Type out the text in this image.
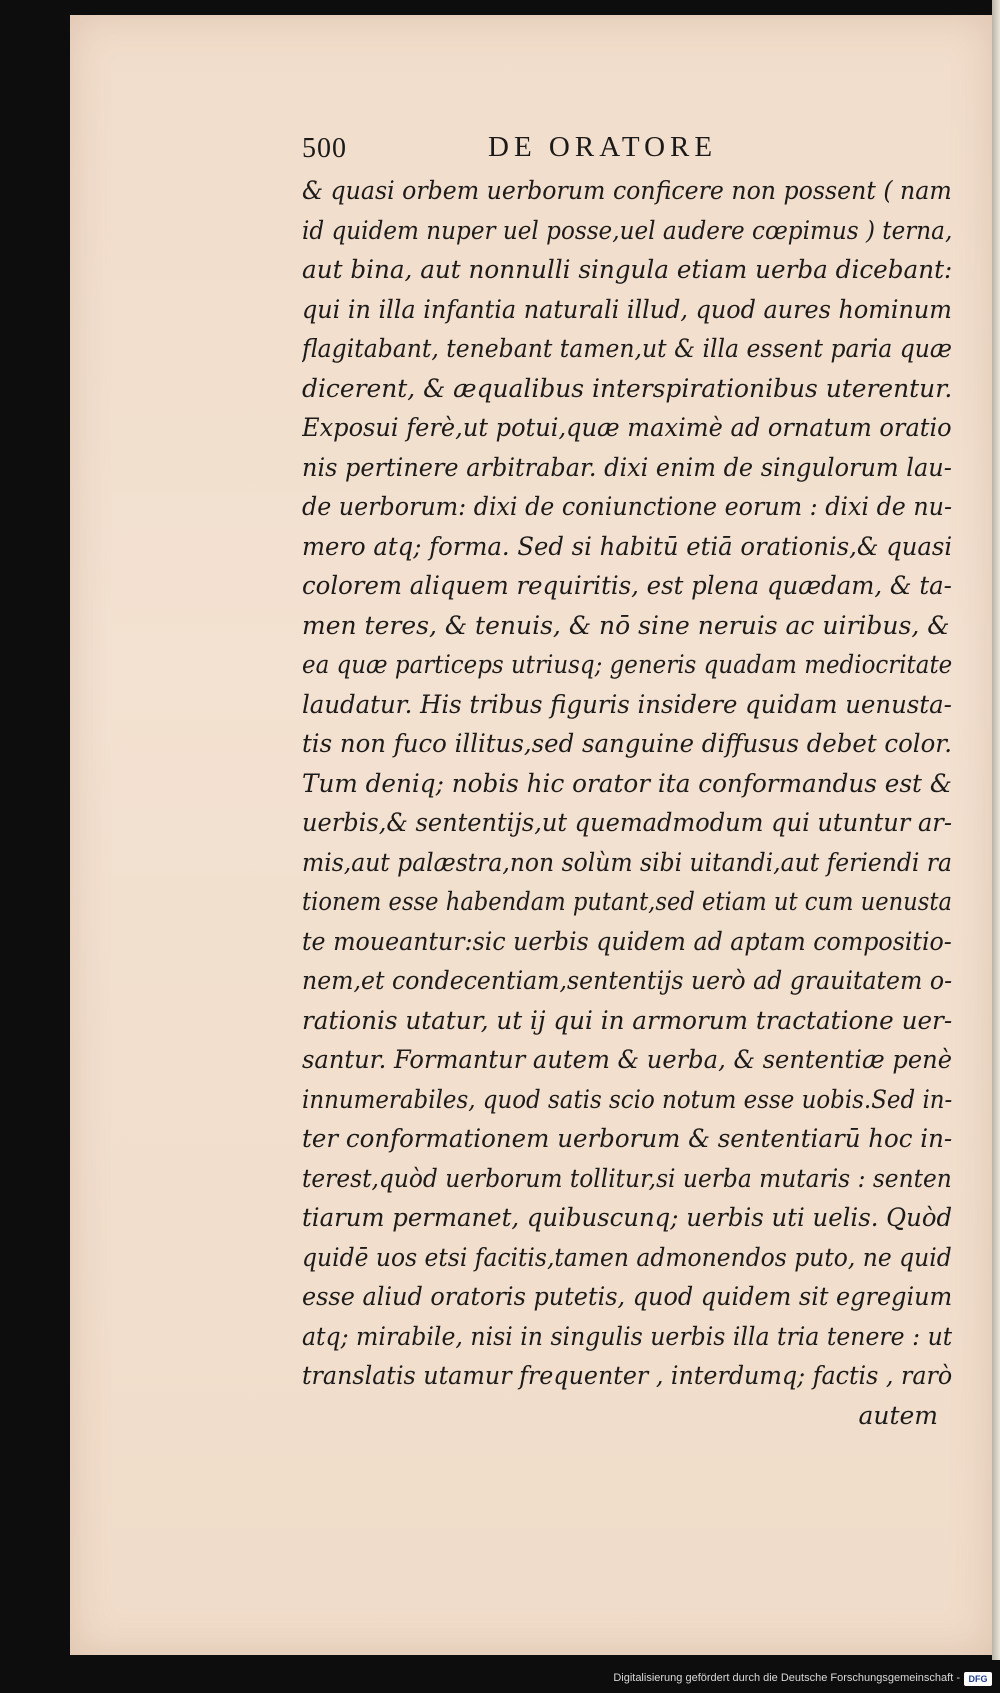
500	DE ORATORE
& quasi orbem uerborum conficere non possent ( nam
id quidem nuper uel posse,uel audere cœpimus ) terna,
aut bina, aut nonnulli singula etiam uerba dicebant:
qui in illa infantia naturali illud, quod aures hominum
flagitabant, tenebant tamen,ut & illa essent paria quæ
dicerent, & æqualibus interspirationibus uterentur.
Exposui ferè,ut potui,quæ maximè ad ornatum oratio
nis pertinere arbitrabar. dixi enim de singulorum lau-
de uerborum: dixi de coniunctione eorum : dixi de nu-
mero atq; forma. Sed si habitū etiā orationis,& quasi
colorem aliquem requiritis, est plena quædam, & ta-
men teres, & tenuis, & nō sine neruis ac uiribus, &
ea quæ particeps utriusq; generis quadam mediocritate
laudatur. His tribus figuris insidere quidam uenusta-
tis non fuco illitus,sed sanguine diffusus debet color.
Tum deniq; nobis hic orator ita conformandus est &
uerbis,& sententijs,ut quemadmodum qui utuntur ar-
mis,aut palæstra,non solùm sibi uitandi,aut feriendi ra
tionem esse habendam putant,sed etiam ut cum uenusta
te moueantur:sic uerbis quidem ad aptam compositio-
nem,et condecentiam,sententijs uerò ad grauitatem o-
rationis utatur, ut ij qui in armorum tractatione uer-
santur. Formantur autem & uerba, & sententiæ penè
innumerabiles, quod satis scio notum esse uobis.Sed in-
ter conformationem uerborum & sententiarū hoc in-
terest,quòd uerborum tollitur,si uerba mutaris : senten
tiarum permanet, quibuscunq; uerbis uti uelis. Quòd
quidē uos etsi facitis,tamen admonendos puto, ne quid
esse aliud oratoris putetis, quod quidem sit egregium
atq; mirabile, nisi in singulis uerbis illa tria tenere : ut
translatis utamur frequenter , interdumq; factis , rarò
autem
Digitalisierung gefördert durch die Deutsche Forschungsgemeinschaft - DFG
